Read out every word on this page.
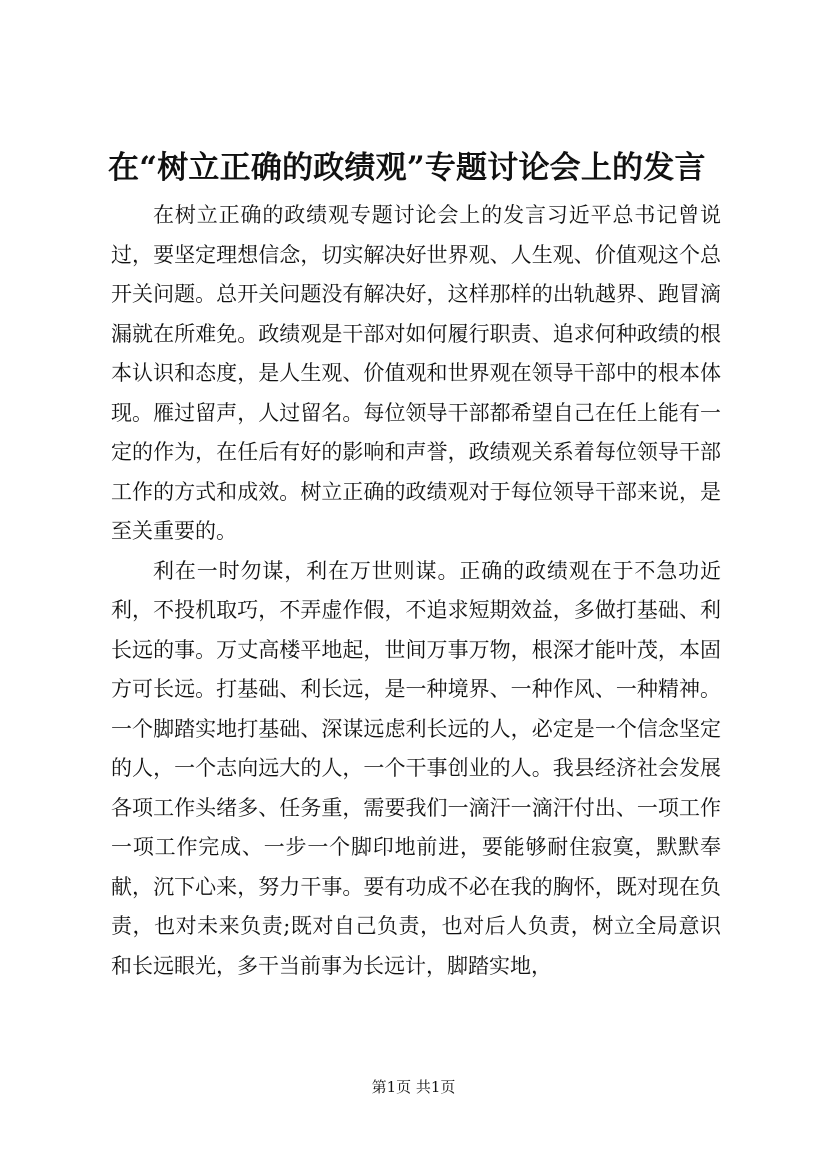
在“树立正确的政绩观”专题讨论会上的发言

在树立正确的政绩观专题讨论会上的发言习近平总书记曾说过，要坚定理想信念，切实解决好世界观、人生观、价值观这个总开关问题。总开关问题没有解决好，这样那样的出轨越界、跑冒滴漏就在所难免。政绩观是干部对如何履行职责、追求何种政绩的根本认识和态度，是人生观、价值观和世界观在领导干部中的根本体现。雁过留声，人过留名。每位领导干部都希望自己在任上能有一定的作为，在任后有好的影响和声誉，政绩观关系着每位领导干部工作的方式和成效。树立正确的政绩观对于每位领导干部来说，是至关重要的。

利在一时勿谋，利在万世则谋。正确的政绩观在于不急功近利，不投机取巧，不弄虚作假，不追求短期效益，多做打基础、利长远的事。万丈高楼平地起，世间万事万物，根深才能叶茂，本固方可长远。打基础、利长远，是一种境界、一种作风、一种精神。一个脚踏实地打基础、深谋远虑利长远的人，必定是一个信念坚定的人，一个志向远大的人，一个干事创业的人。我县经济社会发展各项工作头绪多、任务重，需要我们一滴汗一滴汗付出、一项工作一项工作完成、一步一个脚印地前进，要能够耐住寂寞，默默奉献，沉下心来，努力干事。要有功成不必在我的胸怀，既对现在负责，也对未来负责;既对自己负责，也对后人负责，树立全局意识和长远眼光，多干当前事为长远计，脚踏实地，

第1页 共1页
